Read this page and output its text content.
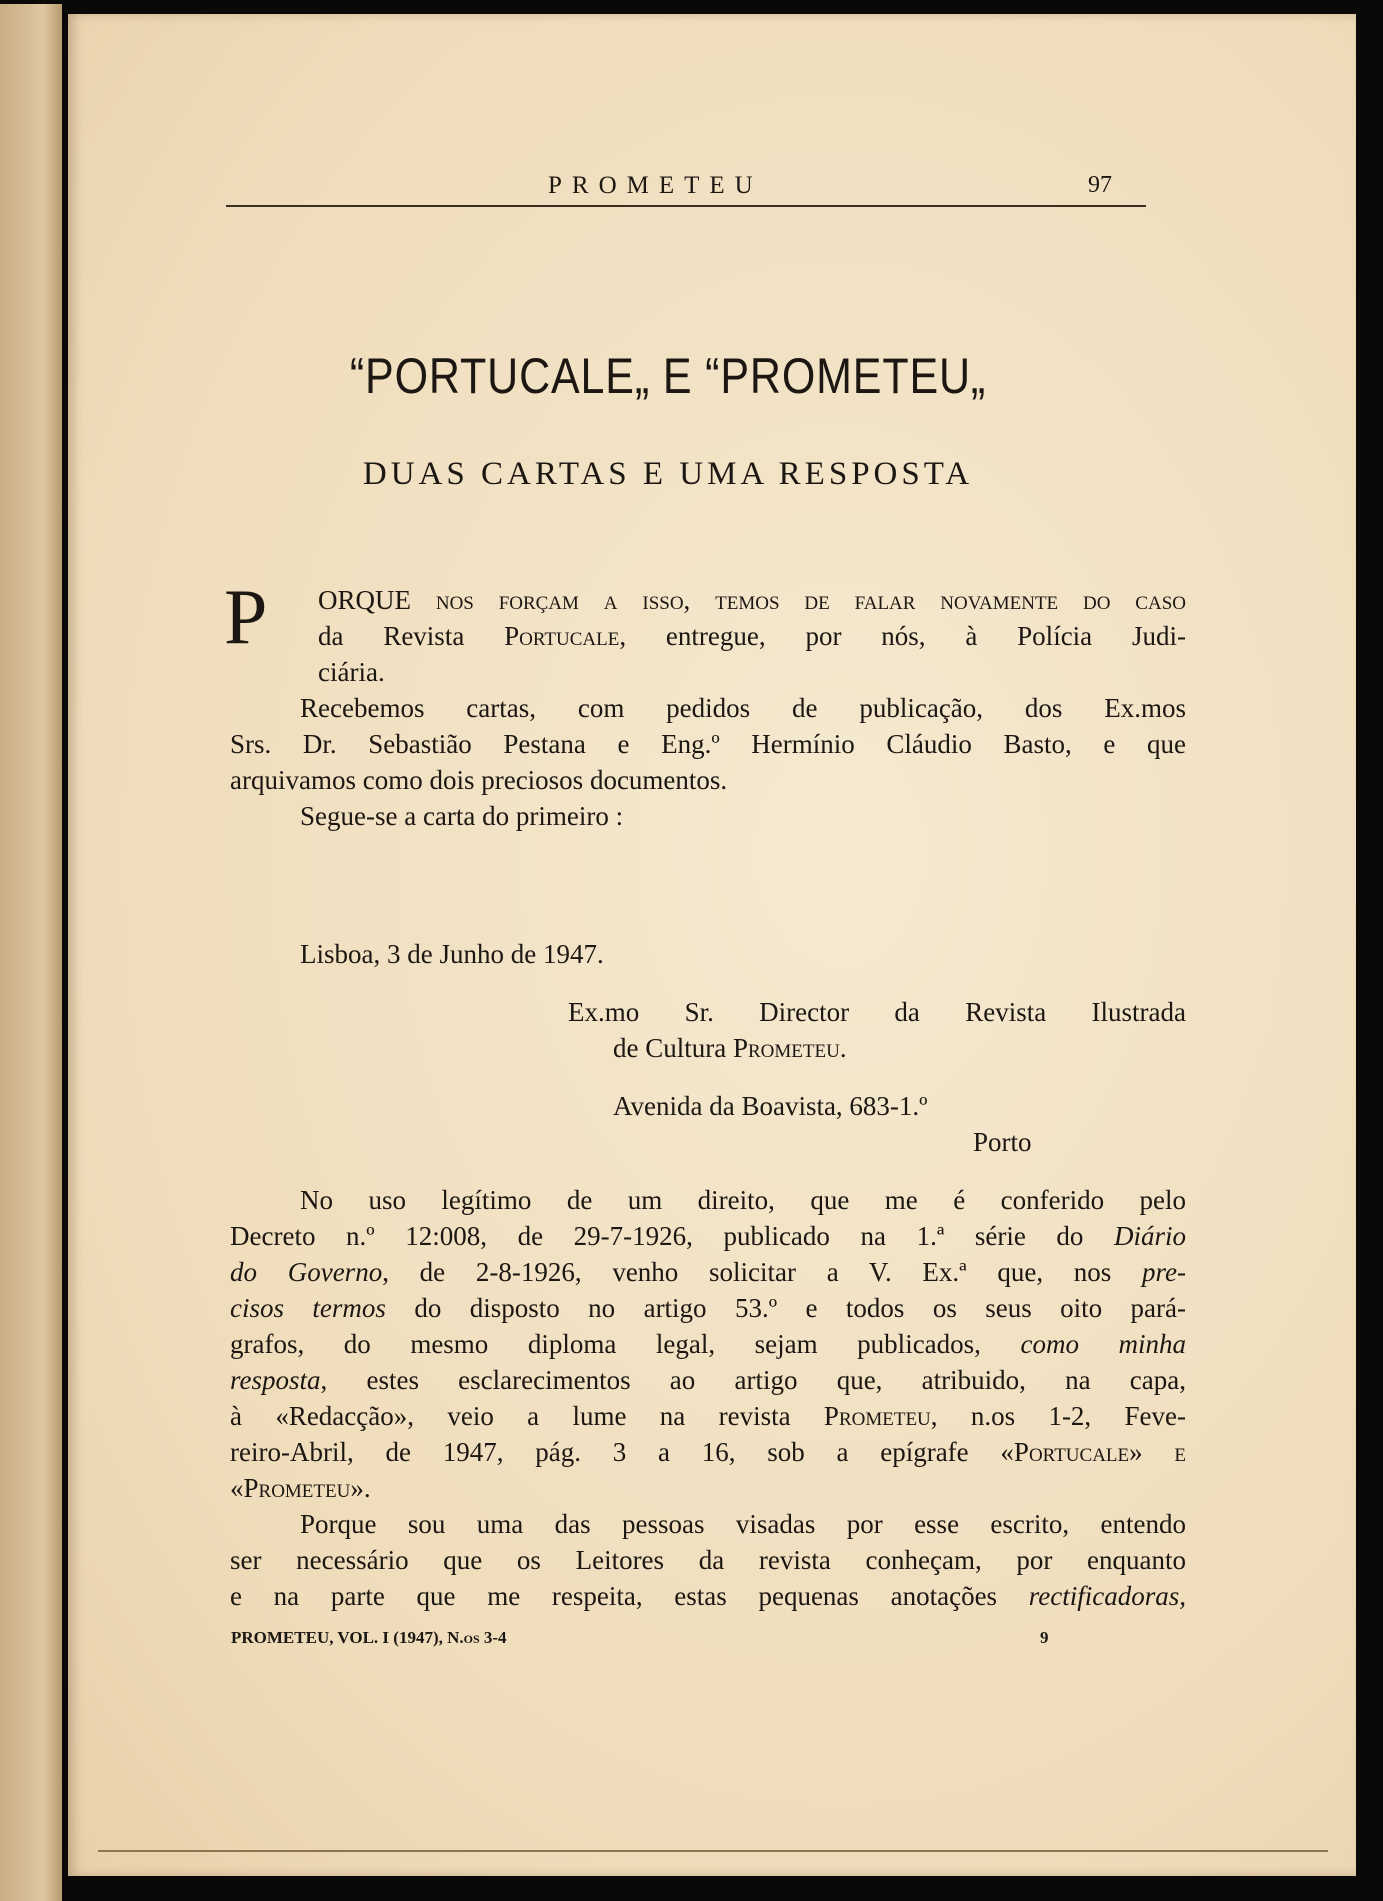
PROMETEU	97
“PORTUCALE„ E “PROMETEU„
DUAS CARTAS E UMA RESPOSTA
P ORQUE nos forçam a isso, temos de falar novamente do caso
da Revista Portucale, entregue, por nós, à Polícia Judi-
ciária.
Recebemos cartas, com pedidos de publicação, dos Ex.mos
Srs. Dr. Sebastião Pestana e Eng.º Hermínio Cláudio Basto, e que
arquivamos como dois preciosos documentos.
Segue-se a carta do primeiro :
Lisboa, 3 de Junho de 1947.
Ex.mo Sr. Director da Revista Ilustrada
de Cultura Prometeu.
Avenida da Boavista, 683-1.º
Porto
No uso legítimo de um direito, que me é conferido pelo
Decreto n.º 12:008, de 29-7-1926, publicado na 1.ª série do Diário
do Governo, de 2-8-1926, venho solicitar a V. Ex.ª que, nos pre-
cisos termos do disposto no artigo 53.º e todos os seus oito pará-
grafos, do mesmo diploma legal, sejam publicados, como minha
resposta, estes esclarecimentos ao artigo que, atribuido, na capa,
à «Redacção», veio a lume na revista Prometeu, n.os 1-2, Feve-
reiro-Abril, de 1947, pág. 3 a 16, sob a epígrafe «Portucale» e
«Prometeu».
Porque sou uma das pessoas visadas por esse escrito, entendo
ser necessário que os Leitores da revista conheçam, por enquanto
e na parte que me respeita, estas pequenas anotações rectificadoras,
PROMETEU, VOL. I (1947), N.os 3-4	9
